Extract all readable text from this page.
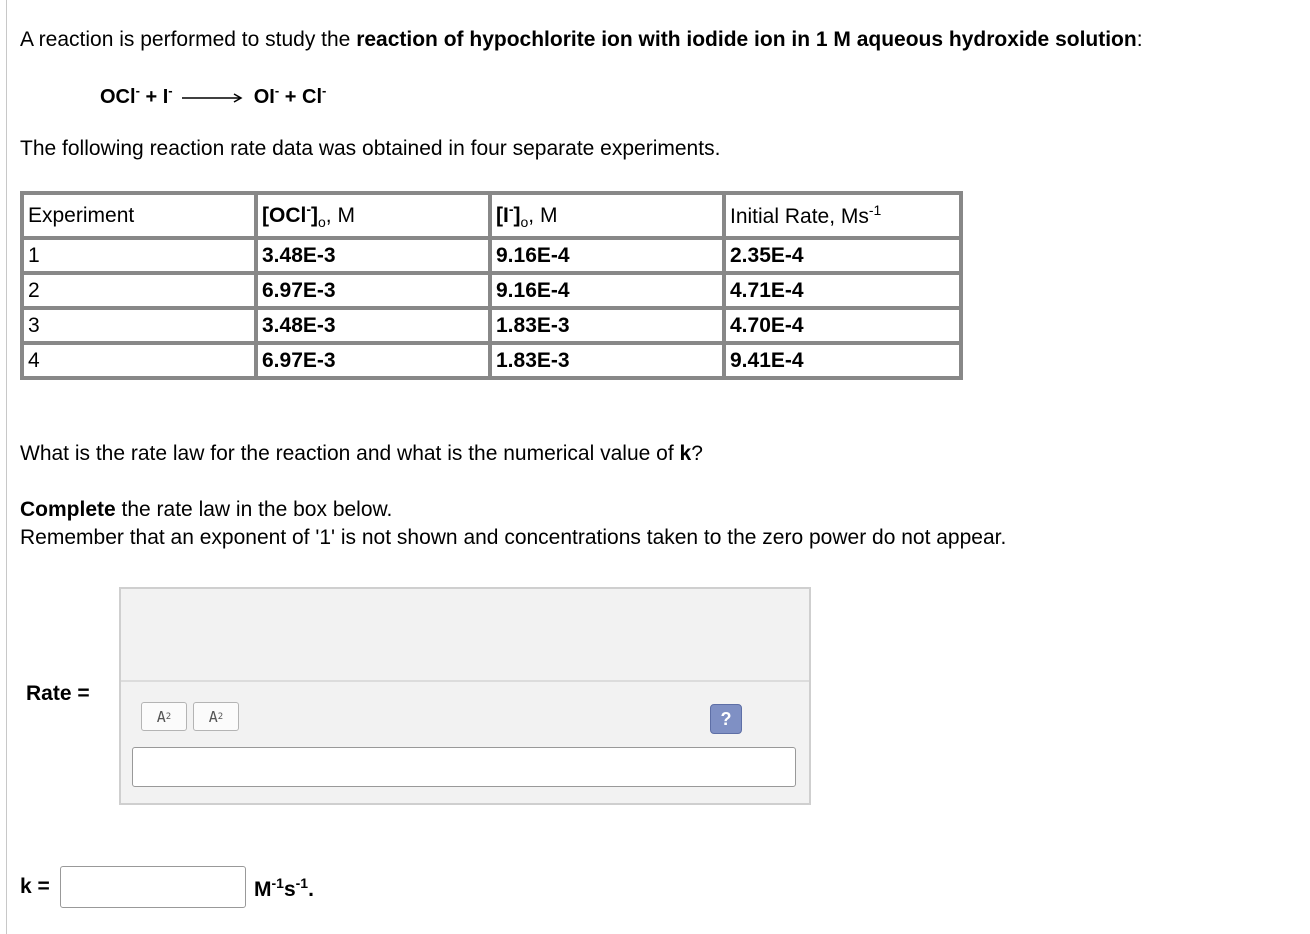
A reaction is performed to study the reaction of hypochlorite ion with iodide ion in 1 M aqueous hydroxide solution:
OCl- + I- → OI- + Cl-
The following reaction rate data was obtained in four separate experiments.
Experiment	$[OCl^-]_o$, M	$[I^-]_o$, M	Initial Rate, $Ms^{-1}$
1	3.48E-3	9.16E-4	2.35E-4
2	6.97E-3	9.16E-4	4.71E-4
3	3.48E-3	1.83E-3	4.70E-4
4	6.97E-3	1.83E-3	9.41E-4
What is the rate law for the reaction and what is the numerical value of k?
Complete the rate law in the box below.
Remember that an exponent of '1' is not shown and concentrations taken to the zero power do not appear.
Rate =
A 2	A 2	?
k =	$M^{-1}s^{-1}$.
